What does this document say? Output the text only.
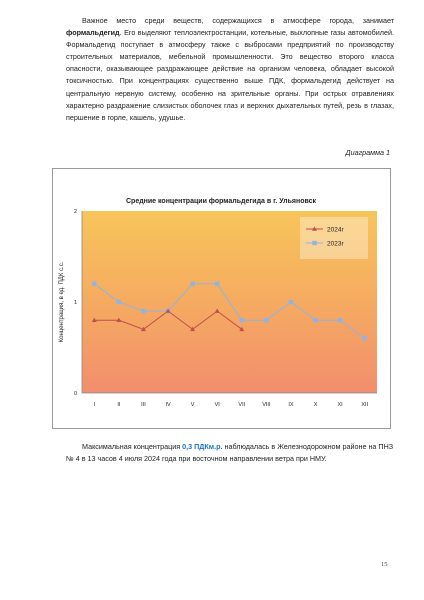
Важное место среди веществ, содержащихся в атмосфере города, занимает формальдегид. Его выделяют теплоэлектростанции, котельные, выхлопные газы автомобилей. Формальдегид поступает в атмосферу также с выбросами предприятий по производству строительных материалов, мебельной промышленности. Это вещество второго класса опасности, оказывающее раздражающее действие на организм человека, обладает высокой токсичностью. При концентрациях существенно выше ПДК, формальдегид действует на центральную нервную систему, особенно на зрительные органы. При острых отравлениях характерно раздражение слизистых оболочек глаз и верхних дыхательных путей, резь в глазах, першение в горле, кашель, удушье.

Диаграмма 1

Средние концентрации формальдегида в г. Ульяновск
Концентрация, в ед. ПДК с.с.
0
1
2
I	II	III	IV	V	VI	VII	VIII	IX	X	XI	XII
2024г
2023г

Максимальная концентрация 0,3 ПДКм.р. наблюдалась в Железнодорожном районе на ПНЗ № 4 в 13 часов 4 июля 2024 года при восточном направлении ветра при НМУ.

15
